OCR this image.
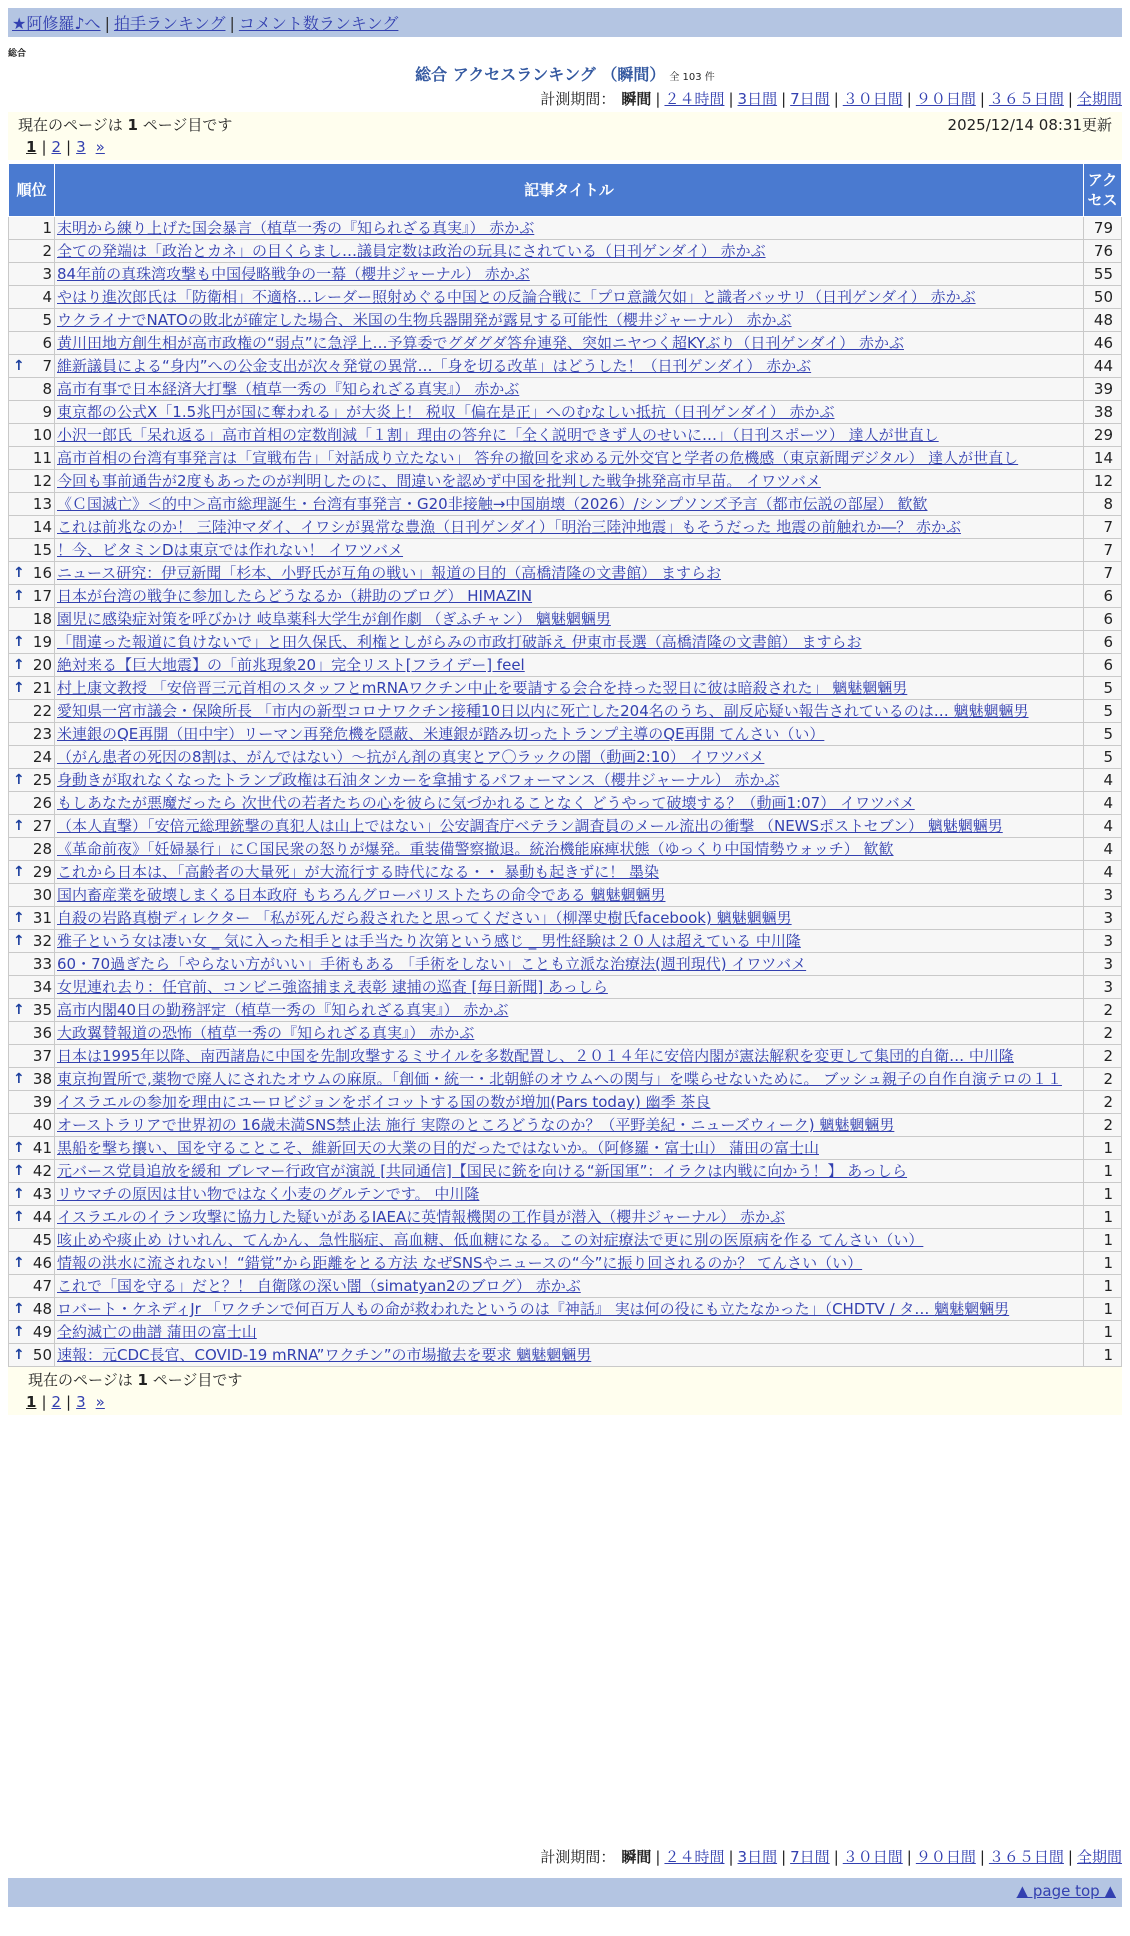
★阿修羅♪へ | 拍手ランキング | コメント数ランキング
総合
総合 アクセスランキング （瞬間） 全 103 件
計測期間： 瞬間 | ２４時間 | 3日間 | 7日間 | ３０日間 | ９０日間 | ３６５日間 | 全期間
現在のページは 1 ページ目です	2025/12/14 08:31更新
1 | 2 | 3 »
順位	記事タイトル	アクセス
1	末明から練り上げた国会暴言（植草一秀の『知られざる真実』） 赤かぶ	79
2	全ての発端は「政治とカネ」の目くらまし…議員定数は政治の玩具にされている（日刊ゲンダイ） 赤かぶ	76
3	84年前の真珠湾攻撃も中国侵略戦争の一幕（櫻井ジャーナル） 赤かぶ	55
4	やはり進次郎氏は「防衛相」不適格…レーダー照射めぐる中国との反論合戦に「プロ意識欠如」と識者バッサリ（日刊ゲンダイ） 赤かぶ	50
5	ウクライナでNATOの敗北が確定した場合、米国の生物兵器開発が露見する可能性（櫻井ジャーナル） 赤かぶ	48
6	黄川田地方創生相が高市政権の“弱点”に急浮上…予算委でグダグダ答弁連発、突如ニヤつく超KYぶり（日刊ゲンダイ） 赤かぶ	46

↑ 7	維新議員による“身内”への公金支出が次々発覚の異常…「身を切る改革」はどうした！（日刊ゲンダイ） 赤かぶ	44
8	高市有事で日本経済大打撃（植草一秀の『知られざる真実』） 赤かぶ	39
9	東京都の公式X「1.5兆円が国に奪われる」が大炎上！ 税収「偏在是正」へのむなしい抵抗（日刊ゲンダイ） 赤かぶ	38
10	小沢一郎氏「呆れ返る」高市首相の定数削減「１割」理由の答弁に「全く説明できず人のせいに…」（日刊スポーツ） 達人が世直し	29
11	高市首相の台湾有事発言は「宣戦布告」「対話成り立たない」 答弁の撤回を求める元外交官と学者の危機感（東京新聞デジタル） 達人が世直し	14
12	今回も事前通告が2度もあったのが判明したのに、間違いを認めず中国を批判した戦争挑発高市早苗。 イワツバメ	12
13	《Ｃ国滅亡》＜的中＞高市総理誕生・台湾有事発言・G20非接触→中国崩壊（2026）/シンプソンズ予言（都市伝説の部屋） 歓歓	8
14	これは前兆なのか！ 三陸沖マダイ、イワシが異常な豊漁（日刊ゲンダイ）「明治三陸沖地震」もそうだった 地震の前触れか―？ 赤かぶ	7
15	！今、ビタミンDは東京では作れない！ イワツバメ	7

↑ 16	ニュース研究：伊豆新聞「杉本、小野氏が互角の戦い」報道の目的（高橋清隆の文書館） ますらお	7

↑ 17	日本が台湾の戦争に参加したらどうなるか（耕助のブログ） HIMAZIN	6
18	園児に感染症対策を呼びかけ 岐阜薬科大学生が創作劇 （ぎふチャン） 魑魅魍魎男	6

↑ 19	「間違った報道に負けないで」と田久保氏、利権としがらみの市政打破訴え 伊東市長選（高橋清隆の文書館） ますらお	6

↑ 20	絶対来る【巨大地震】の「前兆現象20」完全リスト[フライデー] feel	6

↑ 21	村上康文教授 「安倍晋三元首相のスタッフとmRNAワクチン中止を要請する会合を持った翌日に彼は暗殺された」 魑魅魍魎男	5
22	愛知県一宮市議会・保険所長 「市内の新型コロナワクチン接種10日以内に死亡した204名のうち、副反応疑い報告されているのは… 魑魅魍魎男	5
23	米連銀のQE再開（田中宇）リーマン再発危機を隠蔽、米連銀が踏み切ったトランプ主導のQE再開 てんさい（い）	5
24	（がん患者の死因の8割は、がんではない）～抗がん剤の真実とア〇ラックの闇（動画2:10） イワツバメ	5

↑ 25	身動きが取れなくなったトランプ政権は石油タンカーを拿捕するパフォーマンス（櫻井ジャーナル） 赤かぶ	4
26	もしあなたが悪魔だったら 次世代の若者たちの心を彼らに気づかれることなく どうやって破壊する？（動画1:07） イワツバメ	4

↑ 27	（本人直撃）「安倍元総理銃撃の真犯人は山上ではない」公安調査庁ベテラン調査員のメール流出の衝撃 （NEWSポストセブン） 魑魅魍魎男	4
28	《革命前夜》「妊婦暴行」にＣ国民衆の怒りが爆発。重装備警察撤退。統治機能麻痺状態（ゆっくり中国情勢ウォッチ） 歓歓	4

↑ 29	これから日本は、「高齢者の大量死」が大流行する時代になる・・ 暴動も起きずに！ 墨染	4
30	国内畜産業を破壊しまくる日本政府 もちろんグローバリストたちの命令である 魑魅魍魎男	3

↑ 31	自殺の岩路真樹ディレクター 「私が死んだら殺されたと思ってください」（柳澤史樹氏facebook) 魑魅魍魎男	3

↑ 32	雅子という女は凄い女 _ 気に入った相手とは手当たり次第という感じ _ 男性経験は２０人は超えている 中川隆	3
33	60・70過ぎたら「やらない方がいい」手術もある 「手術をしない」ことも立派な治療法(週刊現代) イワツバメ	3
34	女児連れ去り：任官前、コンビニ強盗捕まえ表彰 逮捕の巡査 [毎日新聞] あっしら	3

↑ 35	高市内閣40日の勤務評定（植草一秀の『知られざる真実』） 赤かぶ	2
36	大政翼賛報道の恐怖（植草一秀の『知られざる真実』） 赤かぶ	2
37	日本は1995年以降、南西諸島に中国を先制攻撃するミサイルを多数配置し、２０１４年に安倍内閣が憲法解釈を変更して集団的自衛… 中川隆	2

↑ 38	東京拘置所で,薬物で廃人にされたオウムの麻原。「創価・統一・北朝鮮のオウムへの関与」を喋らせないために。 ブッシュ親子の自作自演テロの１１	2
39	イスラエルの参加を理由にユーロビジョンをボイコットする国の数が増加(Pars today) 幽季 茶良	2
40	オーストラリアで世界初の 16歳未満SNS禁止法 施行 実際のところどうなのか？（平野美紀・ニューズウィーク) 魑魅魍魎男	2

↑ 41	黒船を撃ち攘い、国を守ることこそ、維新回天の大業の目的だったではないか。（阿修羅・富士山） 蒲田の富士山	1

↑ 42	元バース党員追放を緩和 ブレマー行政官が演説 [共同通信]【国民に銃を向ける“新国軍”：イラクは内戦に向かう！】 あっしら	1

↑ 43	リウマチの原因は甘い物ではなく小麦のグルテンです。 中川隆	1

↑ 44	イスラエルのイラン攻撃に協力した疑いがあるIAEAに英情報機関の工作員が潜入（櫻井ジャーナル） 赤かぶ	1
45	咳止めや痰止め けいれん、てんかん、急性脳症、高血糖、低血糖になる。この対症療法で更に別の医原病を作る てんさい（い）	1

↑ 46	情報の洪水に流されない！“錯覚”から距離をとる方法 なぜSNSやニュースの“今”に振り回されるのか？ てんさい（い）	1
47	これで「国を守る」だと？！ 自衛隊の深い闇（simatyan2のブログ） 赤かぶ	1

↑ 48	ロバート・ケネディJr 「ワクチンで何百万人もの命が救われたというのは『神話』 実は何の役にも立たなかった」（CHDTV / タ… 魑魅魍魎男	1

↑ 49	全約滅亡の曲譜 蒲田の富士山	1

↑ 50	速報：元CDC長官、COVID-19 mRNA”ワクチン”の市場撤去を要求 魑魅魍魎男	1
計測期間： 瞬間 | ２４時間 | 3日間 | 7日間 | ３０日間 | ９０日間 | ３６５日間 | 全期間
現在のページは 1 ページ目です
1 | 2 | 3 »
▲ page top ▲
